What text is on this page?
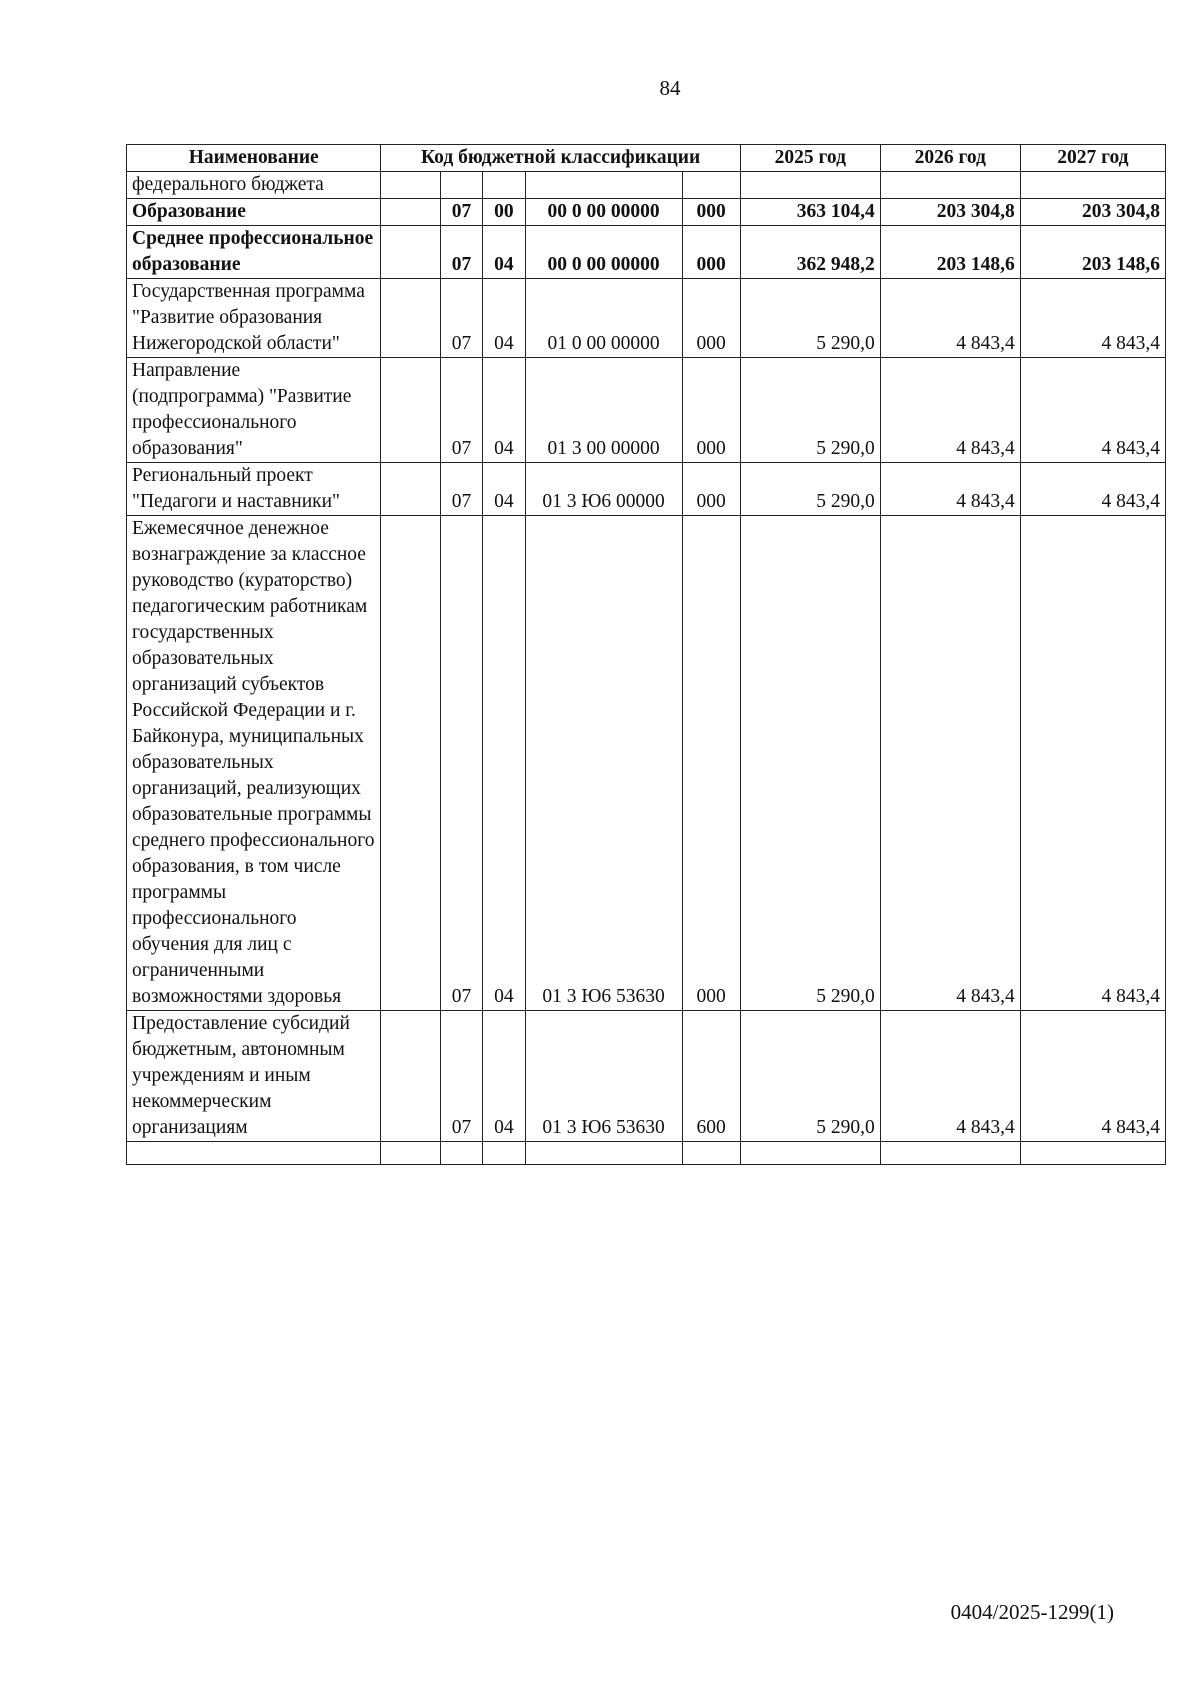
84
Наименование	Код бюджетной классификации					2025 год	2026 год	2027 год
федерального бюджета								
Образование		07	00	00 0 00 00000	000	363 104,4	203 304,8	203 304,8
Среднее профессиональное образование		07	04	00 0 00 00000	000	362 948,2	203 148,6	203 148,6
Государственная программа "Развитие образования Нижегородской области"		07	04	01 0 00 00000	000	5 290,0	4 843,4	4 843,4
Направление (подпрограмма) "Развитие профессионального образования"		07	04	01 3 00 00000	000	5 290,0	4 843,4	4 843,4
Региональный проект "Педагоги и наставники"		07	04	01 3 Ю6 00000	000	5 290,0	4 843,4	4 843,4
Ежемесячное денежное вознаграждение за классное руководство (кураторство) педагогическим работникам государственных образовательных организаций субъектов Российской Федерации и г. Байконура, муниципальных образовательных организаций, реализующих образовательные программы среднего профессионального образования, в том числе программы профессионального обучения для лиц с ограниченными возможностями здоровья		07	04	01 3 Ю6 53630	000	5 290,0	4 843,4	4 843,4
Предоставление субсидий бюджетным, автономным учреждениям и иным некоммерческим организациям		07	04	01 3 Ю6 53630	600	5 290,0	4 843,4	4 843,4

0404/2025-1299(1)
